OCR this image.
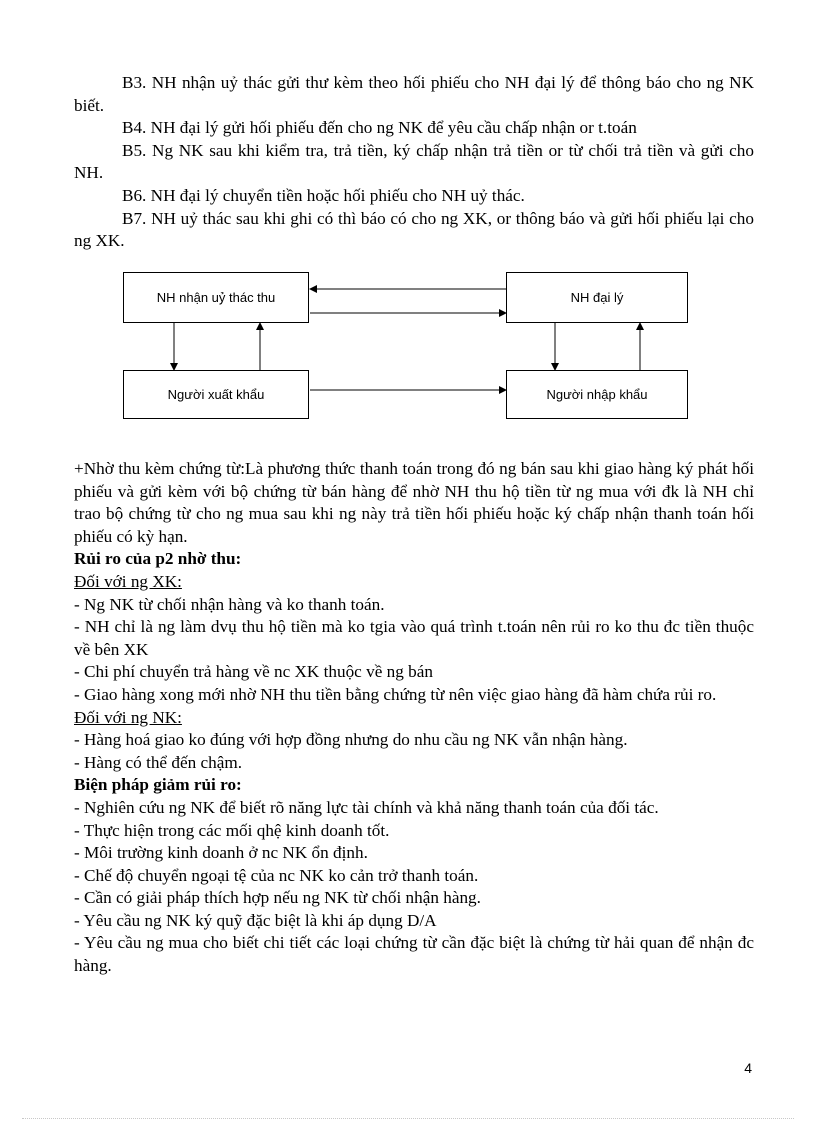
B3. NH nhận uỷ thác gửi thư kèm theo hối phiếu cho NH đại lý để thông báo cho ng NK biết.

B4. NH đại lý gửi hối phiếu đến cho ng NK để yêu cầu chấp nhận or t.toán

B5. Ng NK sau khi kiểm tra, trả tiền, ký chấp nhận trả tiền or từ chối trả tiền và gửi cho NH.

B6. NH đại lý chuyển tiền hoặc hối phiếu cho NH uỷ thác.

B7. NH uỷ thác sau khi ghi có thì báo có cho ng XK, or thông báo và gửi hối phiếu lại cho ng XK.

NH nhận uỷ thác thu	NH đại lý
Người xuất khẩu	Người nhập khẩu

+Nhờ thu kèm chứng từ:Là phương thức thanh toán trong đó ng bán sau khi giao hàng ký phát hối phiếu và gửi kèm với bộ chứng từ bán hàng để nhờ NH thu hộ tiền từ ng mua với đk là NH chỉ trao bộ chứng từ cho ng mua sau khi ng này trả tiền hối phiếu hoặc ký chấp nhận thanh toán hối phiếu có kỳ hạn.

Rủi ro của p2 nhờ thu:

Đối với ng XK:

- Ng NK từ chối nhận hàng và ko thanh toán.

- NH chỉ là ng làm dvụ thu hộ tiền mà ko tgia vào quá trình t.toán nên rủi ro ko thu đc tiền thuộc về bên XK

- Chi phí chuyển trả hàng về nc XK thuộc về ng bán

- Giao hàng xong mới nhờ NH thu tiền bằng chứng từ nên việc giao hàng đã hàm chứa rủi ro.

Đối với ng NK:

- Hàng hoá giao ko đúng với hợp đồng nhưng do nhu cầu ng NK vẫn nhận hàng.

- Hàng có thể đến chậm.

Biện pháp giảm rủi ro:

- Nghiên cứu ng NK để biết rõ năng lực tài chính và khả năng thanh toán của đối tác.

- Thực hiện trong các mối qhệ kinh doanh tốt.

- Môi trường kinh doanh ở nc NK ổn định.

- Chế độ chuyển ngoại tệ của nc NK ko cản trở thanh toán.

- Cần có giải pháp thích hợp nếu ng NK từ chối nhận hàng.

- Yêu cầu ng NK ký quỹ đặc biệt là khi áp dụng D/A

- Yêu cầu ng mua cho biết chi tiết các loại chứng từ cần đặc biệt là chứng từ hải quan để nhận đc hàng.

4
